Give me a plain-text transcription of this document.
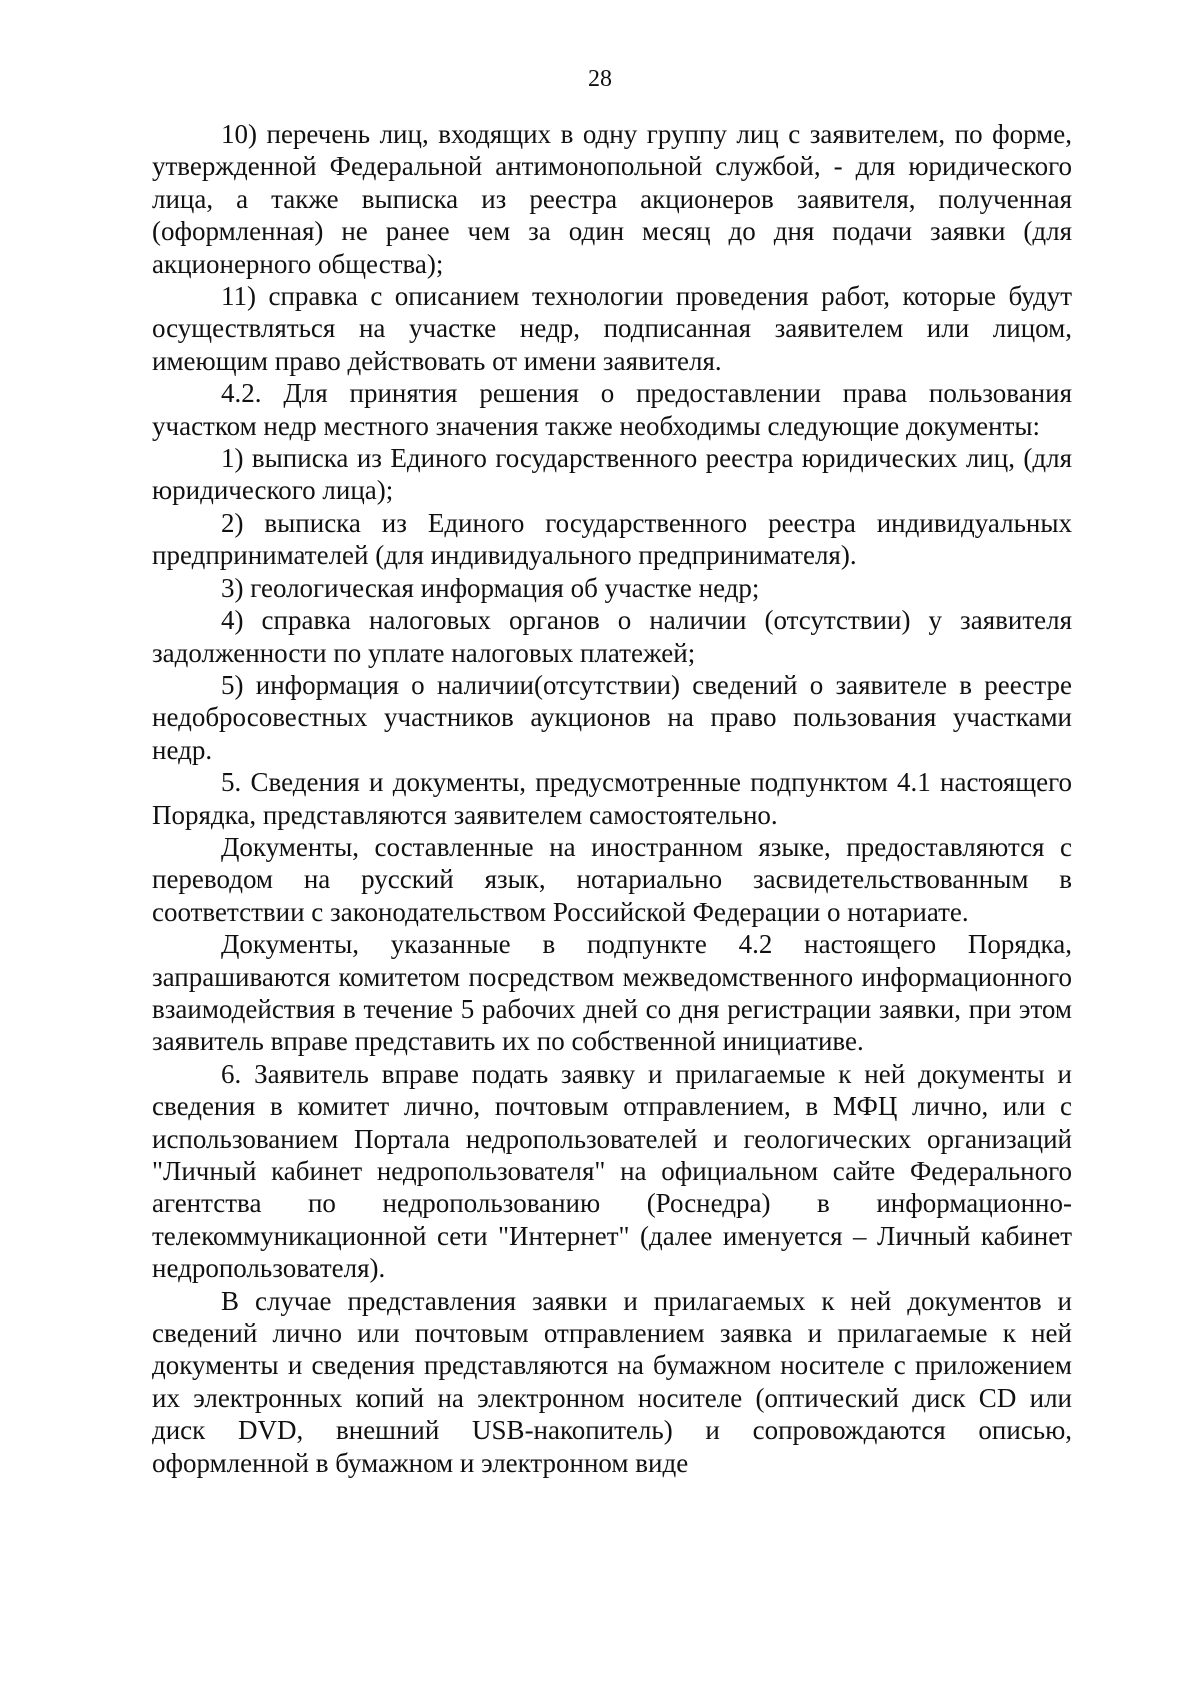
28

10) перечень лиц, входящих в одну группу лиц с заявителем, по форме, утвержденной Федеральной антимонопольной службой, - для юридического лица, а также выписка из реестра акционеров заявителя, полученная (оформленная) не ранее чем за один месяц до дня подачи заявки (для акционерного общества);

11) справка с описанием технологии проведения работ, которые будут осуществляться на участке недр, подписанная заявителем или лицом, имеющим право действовать от имени заявителя.

4.2. Для принятия решения о предоставлении права пользования участком недр местного значения также необходимы следующие документы:

1) выписка из Единого государственного реестра юридических лиц, (для юридического лица);

2) выписка из Единого государственного реестра индивидуальных предпринимателей (для индивидуального предпринимателя).

3) геологическая информация об участке недр;

4) справка налоговых органов о наличии (отсутствии) у заявителя задолженности по уплате налоговых платежей;

5) информация о наличии(отсутствии) сведений о заявителе в реестре недобросовестных участников аукционов на право пользования участками недр.

5. Сведения и документы, предусмотренные подпунктом 4.1 настоящего Порядка, представляются заявителем самостоятельно.

Документы, составленные на иностранном языке, предоставляются с переводом на русский язык, нотариально засвидетельствованным в соответствии с законодательством Российской Федерации о нотариате.

Документы, указанные в подпункте 4.2 настоящего Порядка, запрашиваются комитетом посредством межведомственного информационного взаимодействия в течение 5 рабочих дней со дня регистрации заявки, при этом заявитель вправе представить их по собственной инициативе.

6. Заявитель вправе подать заявку и прилагаемые к ней документы и сведения в комитет лично, почтовым отправлением, в МФЦ лично, или с использованием Портала недропользователей и геологических организаций "Личный кабинет недропользователя" на официальном сайте Федерального агентства по недропользованию (Роснедра) в информационно-телекоммуникационной сети "Интернет" (далее именуется – Личный кабинет недропользователя).

В случае представления заявки и прилагаемых к ней документов и сведений лично или почтовым отправлением заявка и прилагаемые к ней документы и сведения представляются на бумажном носителе с приложением их электронных копий на электронном носителе (оптический диск CD или диск DVD, внешний USB-накопитель) и сопровождаются описью, оформленной в бумажном и электронном виде
